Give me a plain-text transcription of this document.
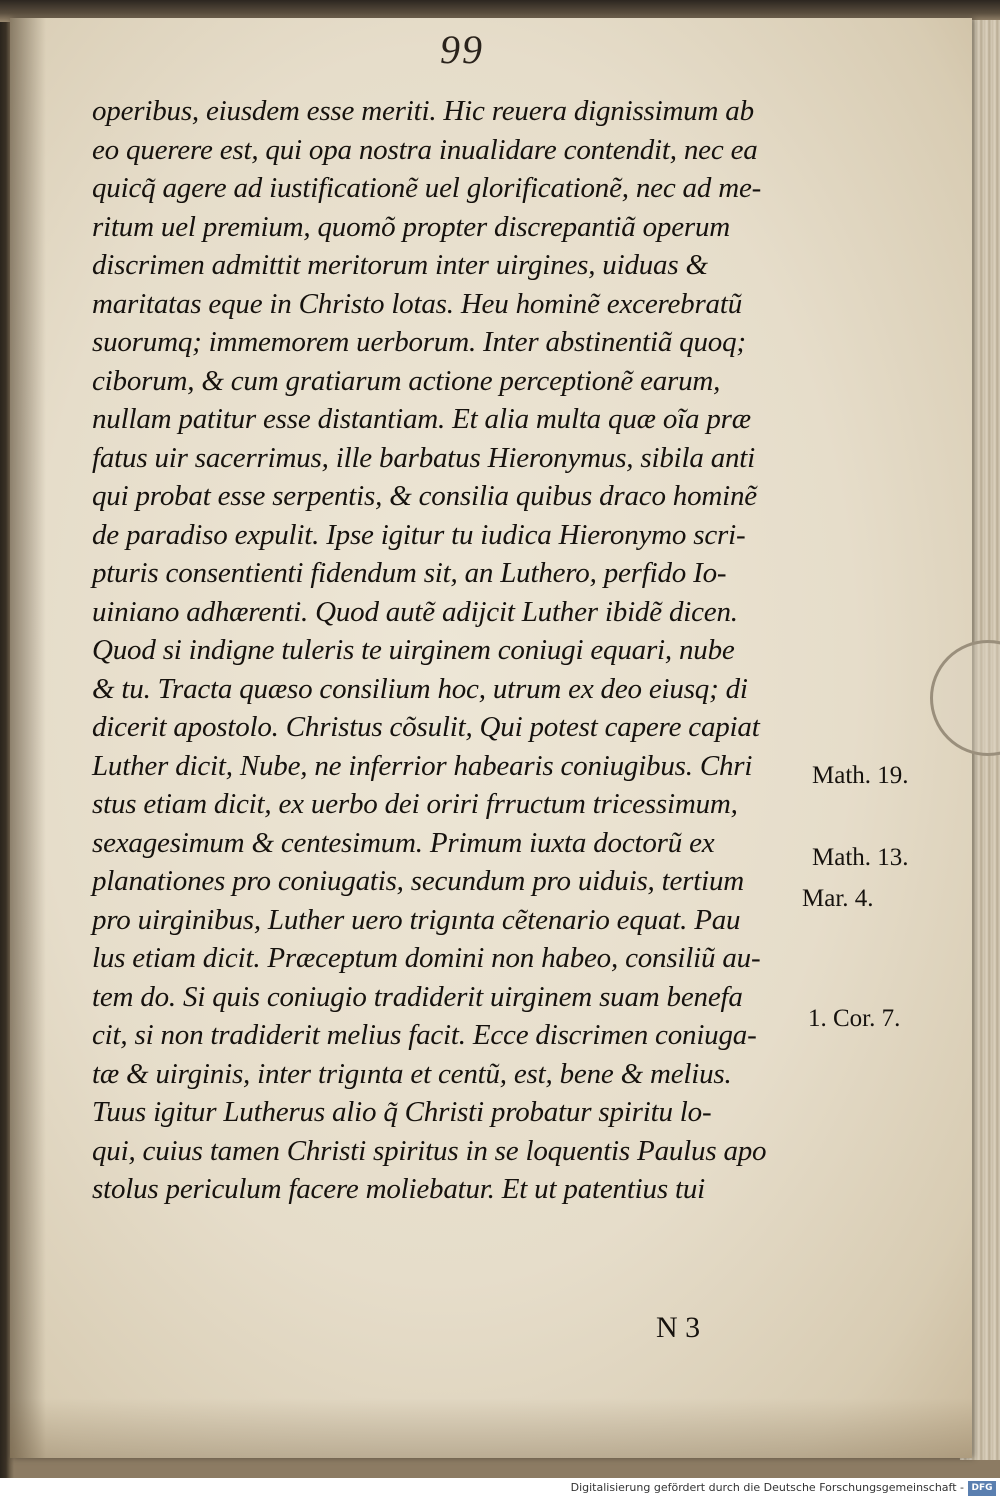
99
operibus, eiusdem esse meriti. Hic reuera dignissimum ab
eo querere est, qui opa nostra inualidare contendit, nec ea
quicq̃ agere ad iustificationẽ uel glorificationẽ, nec ad me-
ritum uel premium, quomõ propter discrepantiã operum
discrimen admittit meritorum inter uirgines, uiduas &
maritatas eque in Christo lotas. Heu hominẽ excerebratũ
suorumq; immemorem uerborum. Inter abstinentiã quoq;
ciborum, & cum gratiarum actione perceptionẽ earum,
nullam patitur esse distantiam. Et alia multa quæ oĩa præ
fatus uir sacerrimus, ille barbatus Hieronymus, sibila anti
qui probat esse serpentis, & consilia quibus draco hominẽ
de paradiso expulit. Ipse igitur tu iudica Hieronymo scri-
pturis consentienti fidendum sit, an Luthero, perfido Io-
uiniano adhærenti. Quod autẽ adijcit Luther ibidẽ dicen.
Quod si indigne tuleris te uirginem coniugi equari, nube
& tu. Tracta quæso consilium hoc, utrum ex deo eiusq; di
dicerit apostolo. Christus cõsulit, Qui potest capere capiat
Luther dicit, Nube, ne inferrior habearis coniugibus. Chri
stus etiam dicit, ex uerbo dei oriri frructum tricessimum,
sexagesimum & centesimum. Primum iuxta doctorũ ex
planationes pro coniugatis, secundum pro uiduis, tertium
pro uirginibus, Luther uero trigınta cẽtenario equat. Pau
lus etiam dicit. Præceptum domini non habeo, consiliũ au-
tem do. Si quis coniugio tradiderit uirginem suam benefa
cit, si non tradiderit melius facit. Ecce discrimen coniuga-
tæ & uirginis, inter trigınta et centũ, est, bene & melius.
Tuus igitur Lutherus alio q̃ Christi probatur spiritu lo-
qui, cuius tamen Christi spiritus in se loquentis Paulus apo
stolus periculum facere moliebatur. Et ut patentius tui
Math. 19.
Math. 13.
Mar. 4.
1. Cor. 7.
N 3
Digitalisierung gefördert durch die Deutsche Forschungsgemeinschaft - DFG
